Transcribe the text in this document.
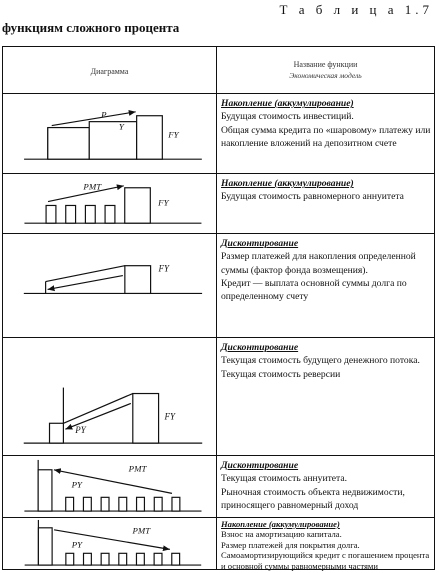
Т а б л и ц а 1.7
функциям сложного процента
Диаграмма
Название функции
Экономическая модель
P
Y
FY
Накопление (аккумулирование)
Будущая стоимость инвестиций.
Общая сумма кредита по «шаровому» платежу или накопление вложений на депозитном счете
PMT
FY
Накопление (аккумулирование)
Будущая стоимость равномерного аннуитета
FY
Дисконтирование
Размер платежей для накопления определенной суммы (фактор фонда возмещения).
Кредит — выплата основной суммы долга по определенному счету
PY
FY
Дисконтирование
Текущая стоимость будущего денежного потока. Текущая стоимость реверсии
PMT
PY
Дисконтирование
Текущая стоимость аннуитета.
Рыночная стоимость объекта недвижимости, приносящего равномерный доход
PMT
PY
Накопление (аккумулирование)
Взнос на амортизацию капитала.
Размер платежей для покрытия долга.
Самоамортизирующийся кредит с погашением процента и основной суммы равномерными частями
